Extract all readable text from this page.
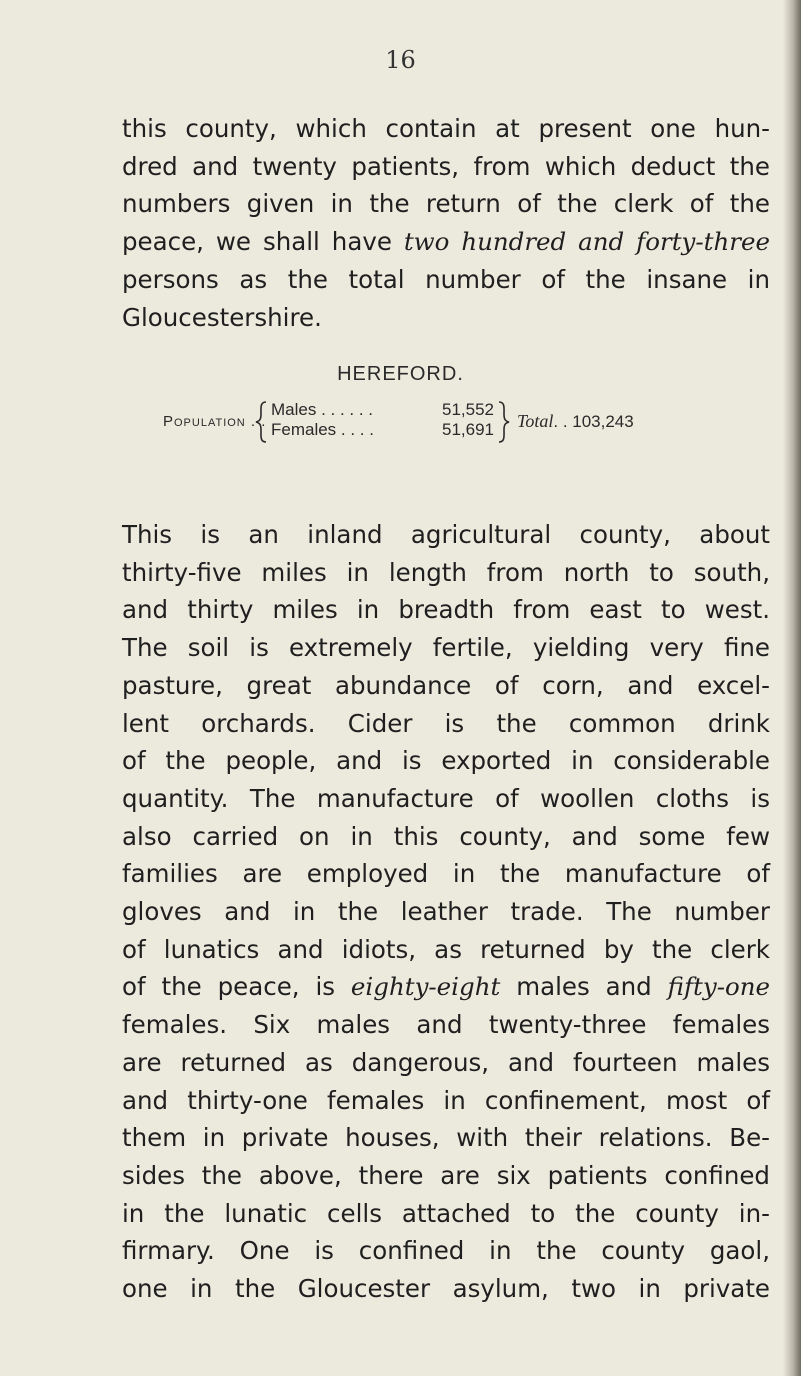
16

this county, which contain at present one hun-
dred and twenty patients, from which deduct the
numbers given in the return of the clerk of the
peace, we shall have two hundred and forty-three
persons as the total number of the insane in
Gloucestershire.

HEREFORD.
Population . .
Males . . . . . .
Females . . . .
51,552
51,691 Total. . 103,243

This is an inland agricultural county, about
thirty-five miles in length from north to south,
and thirty miles in breadth from east to west.
The soil is extremely fertile, yielding very fine
pasture, great abundance of corn, and excel-
lent orchards. Cider is the common drink
of the people, and is exported in considerable
quantity. The manufacture of woollen cloths is
also carried on in this county, and some few
families are employed in the manufacture of
gloves and in the leather trade. The number
of lunatics and idiots, as returned by the clerk
of the peace, is eighty-eight males and fifty-one
females. Six males and twenty-three females
are returned as dangerous, and fourteen males
and thirty-one females in confinement, most of
them in private houses, with their relations. Be-
sides the above, there are six patients confined
in the lunatic cells attached to the county in-
firmary. One is confined in the county gaol,
one in the Gloucester asylum, two in private
